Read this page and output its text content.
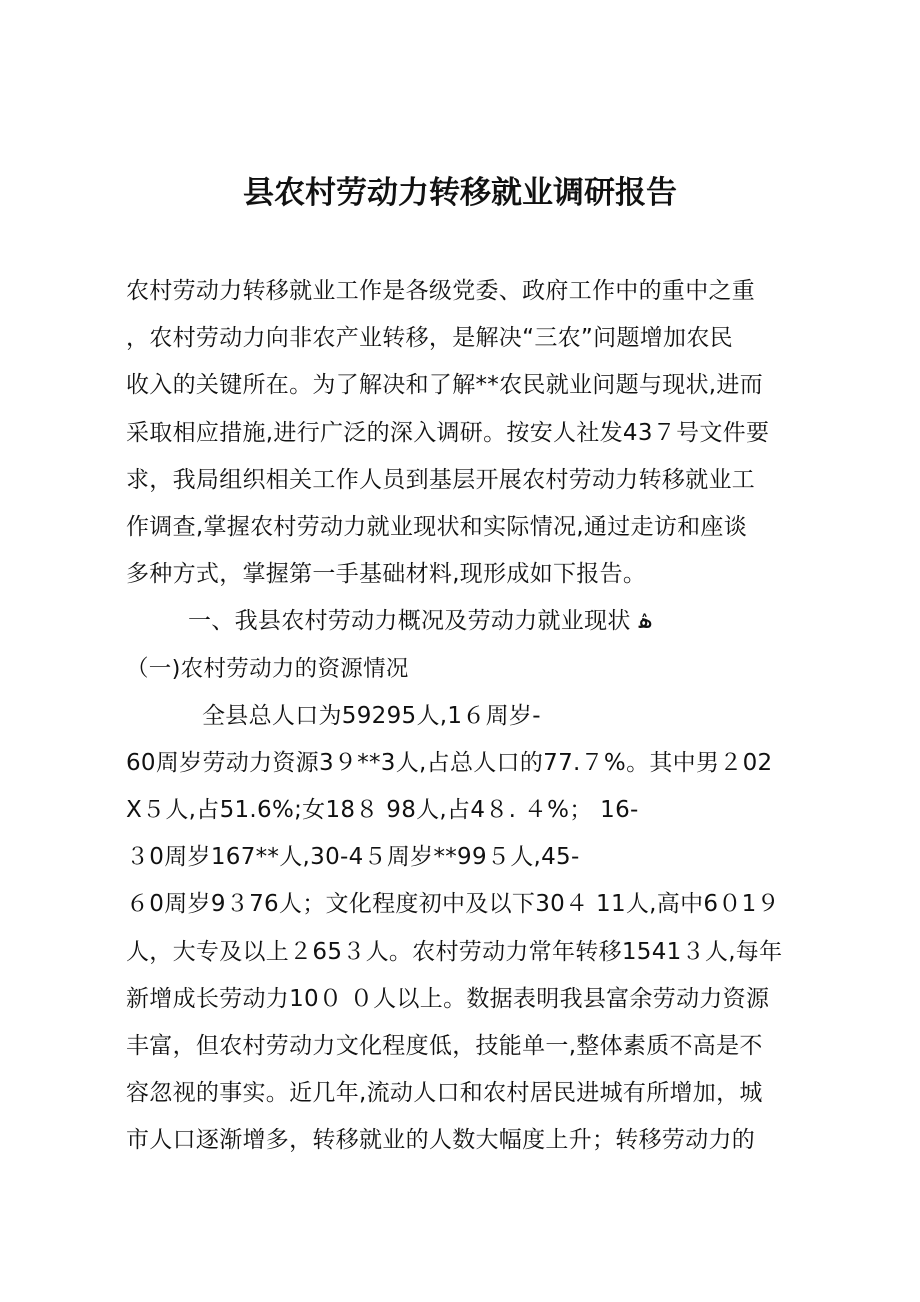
县农村劳动力转移就业调研报告
农村劳动力转移就业工作是各级党委、政府工作中的重中之重
，农村劳动力向非农产业转移，是解决“三农”问题增加农民
收入的关键所在。为了解决和了解**农民就业问题与现状,进而
采取相应措施,进行广泛的深入调研。按安人社发43７号文件要
求，我局组织相关工作人员到基层开展农村劳动力转移就业工
作调查,掌握农村劳动力就业现状和实际情况,通过走访和座谈
多种方式，掌握第一手基础材料,现形成如下报告。
一、我县农村劳动力概况及劳动力就业现状 ۿ
（一)农村劳动力的资源情况
全县总人口为59295人,1６周岁-
60周岁劳动力资源3９**3人,占总人口的77.７%。其中男２02
X５人,占51.6%;女18８ 98人,占4８. ４%； 16-
３0周岁167**人,30-4５周岁**99５人,45-
６0周岁9３76人；文化程度初中及以下30４ 11人,高中6０1９
人，大专及以上２65３人。农村劳动力常年转移1541３人,每年
新增成长劳动力10０ ０人以上。数据表明我县富余劳动力资源
丰富，但农村劳动力文化程度低，技能单一,整体素质不高是不
容忽视的事实。近几年,流动人口和农村居民进城有所增加，城
市人口逐渐增多，转移就业的人数大幅度上升；转移劳动力的
